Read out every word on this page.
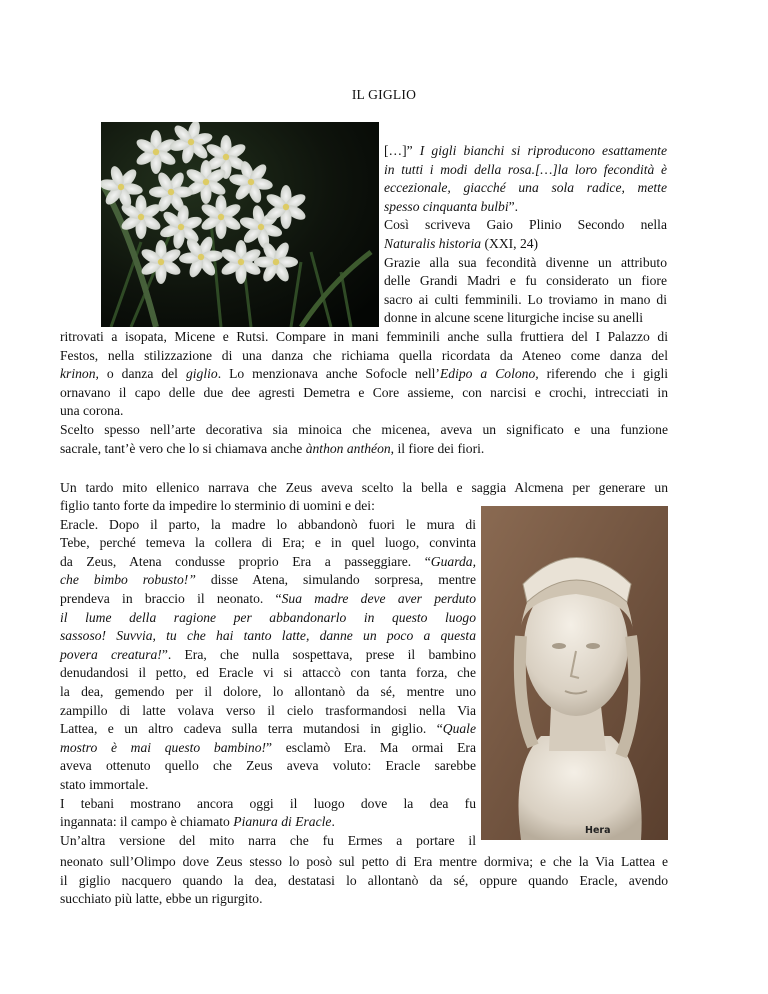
IL GIGLIO
Hera
[…]” I gigli bianchi si riproducono esattamente
in tutti i modi della rosa.[…]la loro fecondità è
eccezionale, giacché una sola radice, mette
spesso cinquanta bulbi”.
Così scriveva Gaio Plinio Secondo nella
Naturalis historia (XXI, 24)
Grazie alla sua fecondità divenne un attributo
delle Grandi Madri e fu considerato un fiore
sacro ai culti femminili. Lo troviamo in mano di
donne in alcune scene liturgiche incise su anelli
ritrovati a isopata, Micene e Rutsi. Compare in mani femminili anche sulla fruttiera del I Palazzo di
Festos, nella stilizzazione di una danza che richiama quella ricordata da Ateneo come danza del
krinon, o danza del giglio. Lo menzionava anche Sofocle nell’Edipo a Colono, riferendo che i gigli
ornavano il capo delle due dee agresti Demetra e Core assieme, con narcisi e crochi, intrecciati in
una corona.
Scelto spesso nell’arte decorativa sia minoica che micenea, aveva un significato e una funzione
sacrale, tant’è vero che lo si chiamava anche ànthon anthéon, il fiore dei fiori.
Un tardo mito ellenico narrava che Zeus aveva scelto la bella e saggia Alcmena per generare un
figlio tanto forte da impedire lo sterminio di uomini e dei:
Eracle. Dopo il parto, la madre lo abbandonò fuori le mura di
Tebe, perché temeva la collera di Era; e in quel luogo, convinta
da Zeus, Atena condusse proprio Era a passeggiare. “Guarda,
che bimbo robusto!” disse Atena, simulando sorpresa, mentre
prendeva in braccio il neonato. “Sua madre deve aver perduto
il lume della ragione per abbandonarlo in questo luogo
sassoso! Suvvia, tu che hai tanto latte, danne un poco a questa
povera creatura!”. Era, che nulla sospettava, prese il bambino
denudandosi il petto, ed Eracle vi si attaccò con tanta forza, che
la dea, gemendo per il dolore, lo allontanò da sé, mentre uno
zampillo di latte volava verso il cielo trasformandosi nella Via
Lattea, e un altro cadeva sulla terra mutandosi in giglio. “Quale
mostro è mai questo bambino!” esclamò Era. Ma ormai Era
aveva ottenuto quello che Zeus aveva voluto: Eracle sarebbe
stato immortale.
I tebani mostrano ancora oggi il luogo dove la dea fu
ingannata: il campo è chiamato Pianura di Eracle.
Un’altra versione del mito narra che fu Ermes a portare il
neonato sull’Olimpo dove Zeus stesso lo posò sul petto di Era mentre dormiva; e che la Via Lattea e
il giglio nacquero quando la dea, destatasi lo allontanò da sé, oppure quando Eracle, avendo
succhiato più latte, ebbe un rigurgito.
